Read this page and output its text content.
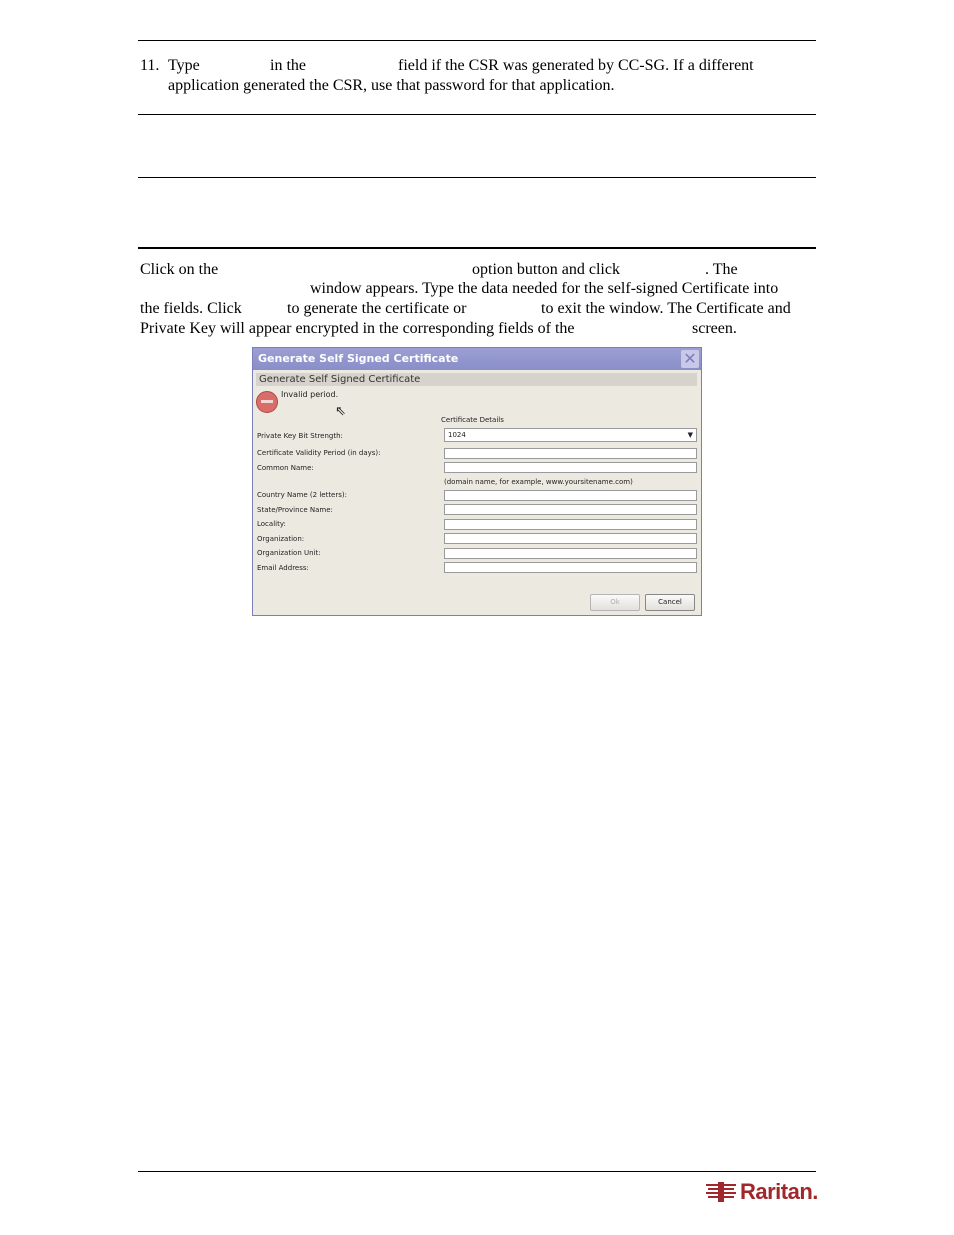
11. Type	in the	field if the CSR was generated by CC-SG. If a different
application generated the CSR, use that password for that application.
Click on the	option button and click	. The
window appears. Type the data needed for the self-signed Certificate into
the fields. Click	to generate the certificate or	to exit the window. The Certificate and
Private Key will appear encrypted in the corresponding fields of the	screen.
Generate Self Signed Certificate	✕
Generate Self Signed Certificate
Invalid period.
⇖
Certificate Details
Private Key Bit Strength:	1024	▼
Certificate Validity Period (in days):
Common Name:
(domain name, for example, www.yoursitename.com)
Country Name (2 letters):
State/Province Name:
Locality:
Organization:
Organization Unit:
Email Address:
Ok	Cancel
Raritan.
